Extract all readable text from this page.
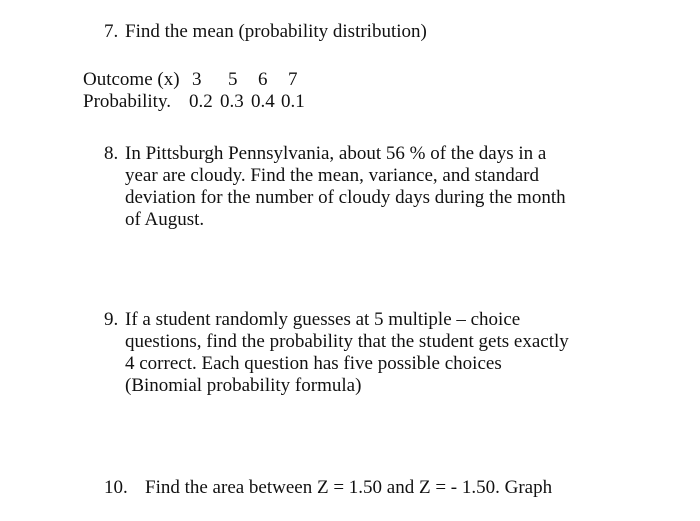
7. Find the mean (probability distribution)
Outcome (x) 3 5 6 7
Probability. 0.2 0.3 0.4 0.1
8. In Pittsburgh Pennsylvania, about 56 % of the days in a
year are cloudy. Find the mean, variance, and standard
deviation for the number of cloudy days during the month
of August.
9. If a student randomly guesses at 5 multiple – choice
questions, find the probability that the student gets exactly
4 correct. Each question has five possible choices
(Binomial probability formula)
10. Find the area between Z = 1.50 and Z = - 1.50. Graph
